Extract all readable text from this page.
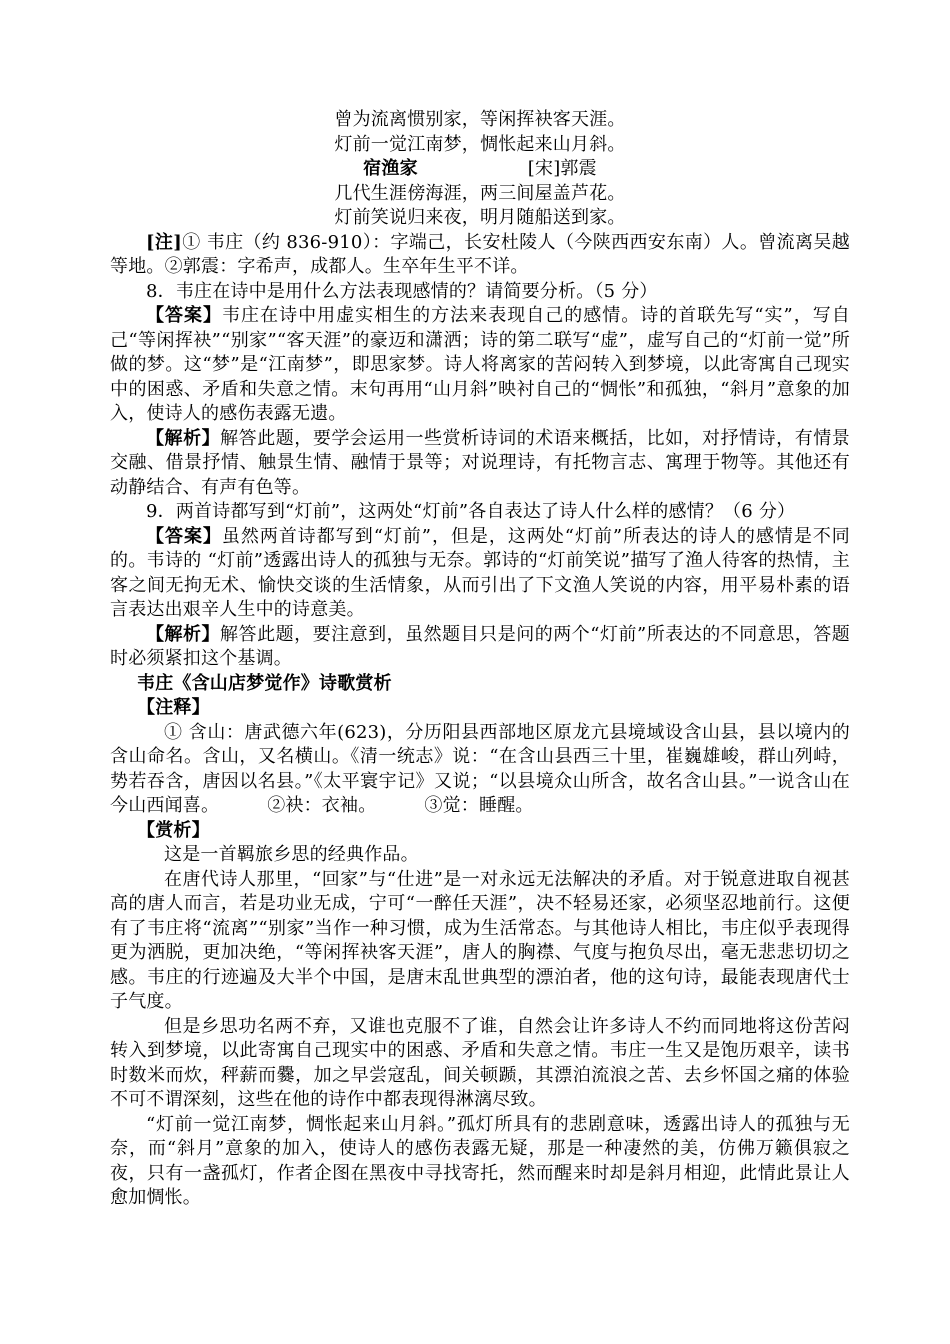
曾为流离惯别家，等闲挥袂客天涯。
灯前一觉江南梦，惆怅起来山月斜。
宿渔家	[宋]郭震
几代生涯傍海涯，两三间屋盖芦花。
灯前笑说归来夜，明月随船送到家。

[注]① 韦庄（约 836-910）：字端己，长安杜陵人（今陕西西安东南）人。曾流离吴越等地。②郭震：字希声，成都人。生卒年生平不详。

8．韦庄在诗中是用什么方法表现感情的？请简要分析。（5 分）

【答案】韦庄在诗中用虚实相生的方法来表现自己的感情。诗的首联先写“实”，写自己“等闲挥袂”“别家”“客天涯”的豪迈和潇洒；诗的第二联写“虚”，虚写自己的“灯前一觉”所做的梦。这“梦”是“江南梦”，即思家梦。诗人将离家的苦闷转入到梦境，以此寄寓自己现实中的困惑、矛盾和失意之情。末句再用“山月斜”映衬自己的“惆怅”和孤独，“斜月”意象的加入，使诗人的感伤表露无遗。

【解析】解答此题，要学会运用一些赏析诗词的术语来概括，比如，对抒情诗，有情景交融、借景抒情、触景生情、融情于景等；对说理诗，有托物言志、寓理于物等。其他还有动静结合、有声有色等。

9．两首诗都写到“灯前”，这两处“灯前”各自表达了诗人什么样的感情？（6 分）

【答案】虽然两首诗都写到“灯前”，但是，这两处“灯前”所表达的诗人的感情是不同的。韦诗的 “灯前”透露出诗人的孤独与无奈。郭诗的“灯前笑说”描写了渔人待客的热情，主客之间无拘无术、愉快交谈的生活情象，从而引出了下文渔人笑说的内容，用平易朴素的语言表达出艰辛人生中的诗意美。

【解析】解答此题，要注意到，虽然题目只是问的两个“灯前”所表达的不同意思，答题时必须紧扣这个基调。

韦庄《含山店梦觉作》诗歌赏析
【注释】

① 含山：唐武德六年(623)，分历阳县西部地区原龙亢县境域设含山县，县以境内的含山命名。含山，又名横山。《清一统志》说：“在含山县西三十里，崔巍雄峻，群山列峙，势若吞含，唐因以名县。”《太平寰宇记》又说；“以县境众山所含，故名含山县。”一说含山在今山西闻喜。	②袂：衣袖。	③觉：睡醒。

【赏析】

这是一首羁旅乡思的经典作品。

在唐代诗人那里，“回家”与“仕进”是一对永远无法解决的矛盾。对于锐意进取自视甚高的唐人而言，若是功业无成，宁可“一醉任天涯”，决不轻易还家，必须坚忍地前行。这便有了韦庄将“流离”“别家”当作一种习惯，成为生活常态。与其他诗人相比，韦庄似乎表现得更为洒脱，更加决绝，“等闲挥袂客天涯”，唐人的胸襟、气度与抱负尽出，毫无悲悲切切之感。韦庄的行迹遍及大半个中国，是唐末乱世典型的漂泊者，他的这句诗，最能表现唐代士子气度。

但是乡思功名两不弃，又谁也克服不了谁，自然会让许多诗人不约而同地将这份苦闷转入到梦境，以此寄寓自己现实中的困惑、矛盾和失意之情。韦庄一生又是饱历艰辛，读书时数米而炊，秤薪而爨，加之早尝寇乱，间关顿踬，其漂泊流浪之苦、去乡怀国之痛的体验不可不谓深刻，这些在他的诗作中都表现得淋漓尽致。

“灯前一觉江南梦，惆怅起来山月斜。”孤灯所具有的悲剧意味，透露出诗人的孤独与无奈，而“斜月”意象的加入，使诗人的感伤表露无疑，那是一种凄然的美，仿佛万籁俱寂之夜，只有一盏孤灯，作者企图在黑夜中寻找寄托，然而醒来时却是斜月相迎，此情此景让人愈加惆怅。
